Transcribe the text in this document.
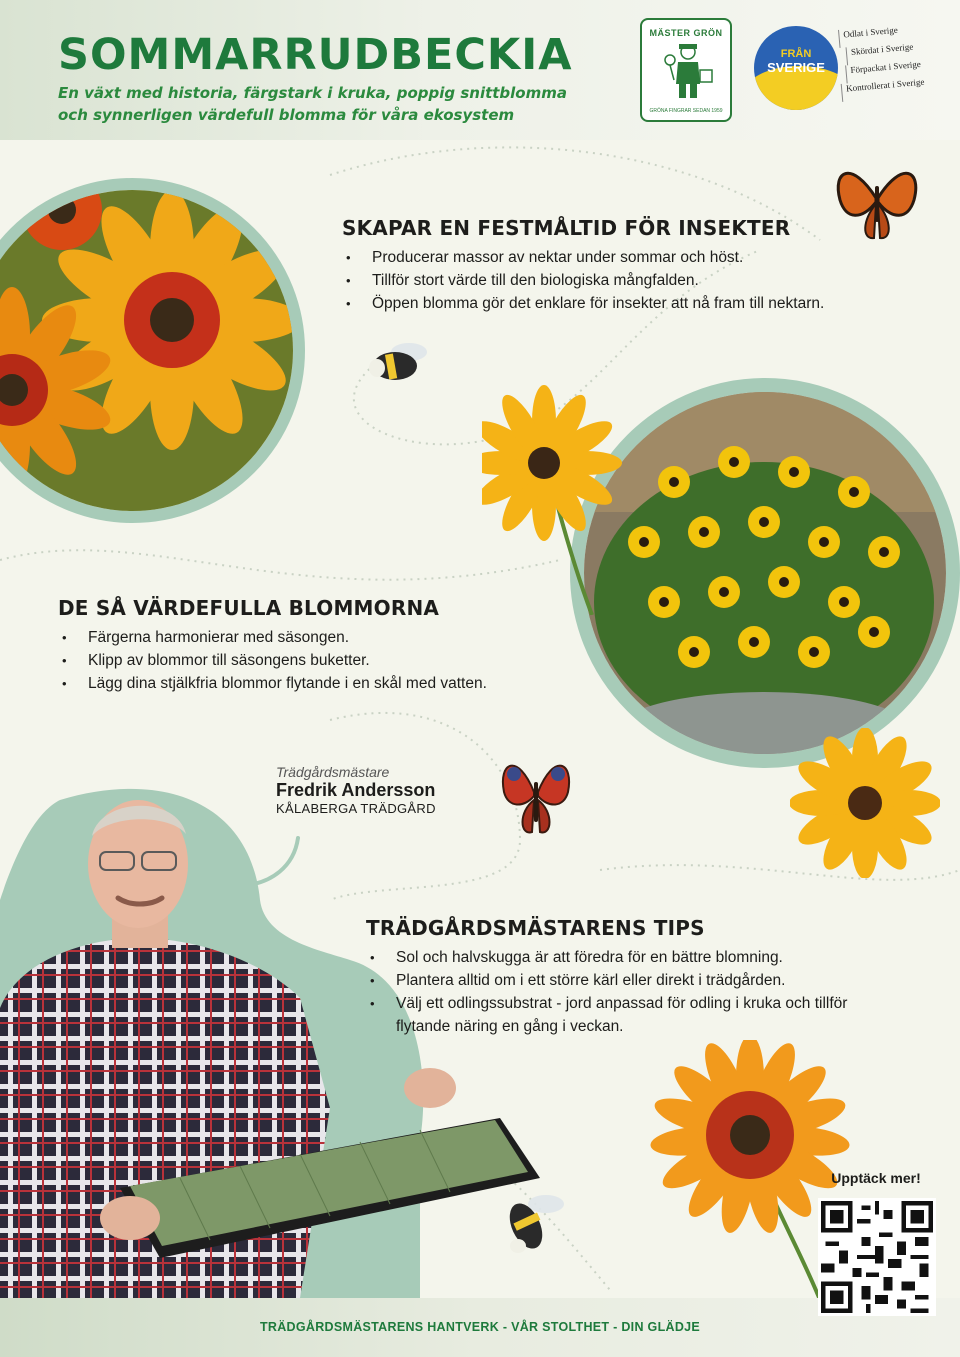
SOMMARRUDBECKIA
En växt med historia, färgstark i kruka, poppig snittblomma
och synnerligen värdefull blomma för våra ekosystem
MÄSTER GRÖN
GRÖNA FINGRAR SEDAN 1959
FRÅN
SVERIGE
Odlat i Sverige
Skördat i Sverige
Förpackat i Sverige
Kontrollerat i Sverige
SKAPAR EN FESTMÅLTID FÖR INSEKTER
• Producerar massor av nektar under sommar och höst.
• Tillför stort värde till den biologiska mångfalden.
• Öppen blomma gör det enklare för insekter att nå fram till nektarn.
DE SÅ VÄRDEFULLA BLOMMORNA
• Färgerna harmonierar med säsongen.
• Klipp av blommor till säsongens buketter.
• Lägg dina stjälkfria blommor flytande i en skål med vatten.
Trädgårdsmästare
Fredrik Andersson
KÅLABERGA TRÄDGÅRD
TRÄDGÅRDSMÄSTARENS TIPS
• Sol och halvskugga är att föredra för en bättre blomning.
• Plantera alltid om i ett större kärl eller direkt i trädgården.
• Välj ett odlingssubstrat - jord anpassad för odling i kruka och tillför flytande näring en gång i veckan.
TRÄDGÅRDSMÄSTARENS HANTVERK - VÅR STOLTHET - DIN GLÄDJE
Upptäck mer!
